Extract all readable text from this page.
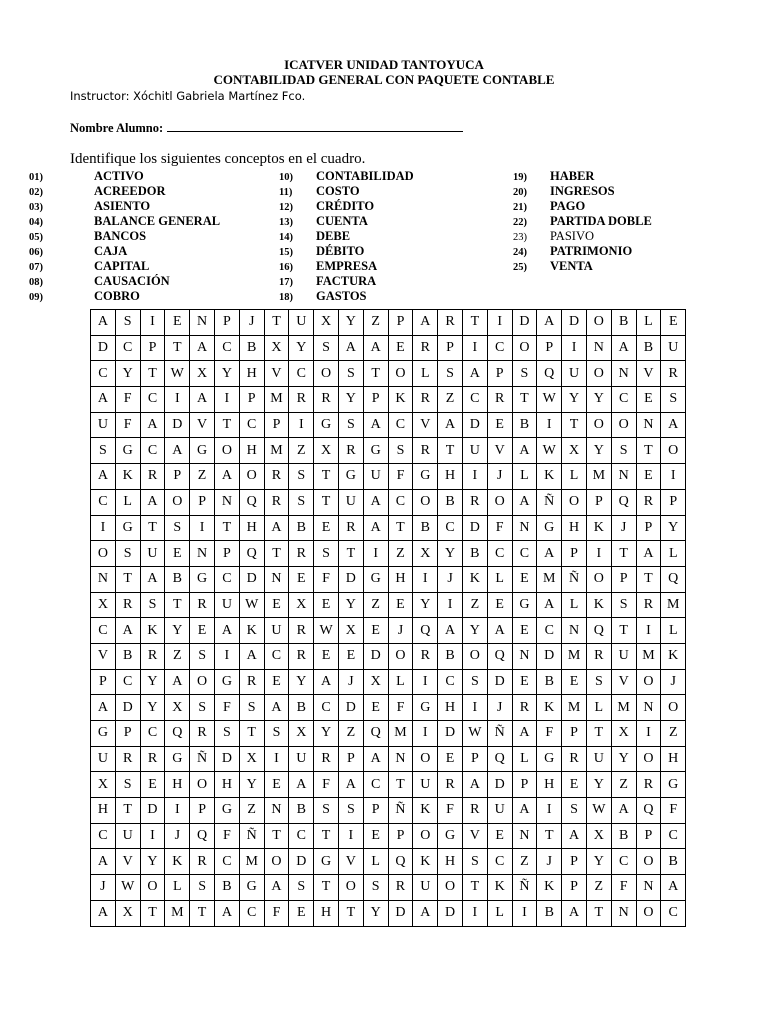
ICATVER UNIDAD TANTOYUCA
CONTABILIDAD GENERAL CON PAQUETE CONTABLE
Instructor: Xóchitl Gabriela Martínez Fco.
Nombre Alumno:
Identifique los siguientes conceptos en el cuadro.
01)	ACTIVO
02)	ACREEDOR
03)	ASIENTO
04)	BALANCE GENERAL
05)	BANCOS
06)	CAJA
07)	CAPITAL
08)	CAUSACIÓN
09)	COBRO
10) CONTABILIDAD
11) COSTO
12) CRÉDITO
13) CUENTA
14) DEBE
15) DÉBITO
16) EMPRESA
17) FACTURA
18) GASTOS
19) HABER
20) INGRESOS
21) PAGO
22) PARTIDA DOBLE
23) PASIVO
24) PATRIMONIO
25) VENTA
A	S	I	E	N	P	J	T	U	X	Y	Z	P	A	R	T	I	D	A	D	O	B	L	E
D	C	P	T	A	C	B	X	Y	S	A	A	E	R	P	I	C	O	P	I	N	A	B	U
C	Y	T	W	X	Y	H	V	C	O	S	T	O	L	S	A	P	S	Q	U	O	N	V	R
A	F	C	I	A	I	P	M	R	R	Y	P	K	R	Z	C	R	T	W	Y	Y	C	E	S
U	F	A	D	V	T	C	P	I	G	S	A	C	V	A	D	E	B	I	T	O	O	N	A
S	G	C	A	G	O	H	M	Z	X	R	G	S	R	T	U	V	A	W	X	Y	S	T	O
A	K	R	P	Z	A	O	R	S	T	G	U	F	G	H	I	J	L	K	L	M	N	E	I
C	L	A	O	P	N	Q	R	S	T	U	A	C	O	B	R	O	A	Ñ	O	P	Q	R	P
I	G	T	S	I	T	H	A	B	E	R	A	T	B	C	D	F	N	G	H	K	J	P	Y
O	S	U	E	N	P	Q	T	R	S	T	I	Z	X	Y	B	C	C	A	P	I	T	A	L
N	T	A	B	G	C	D	N	E	F	D	G	H	I	J	K	L	E	M	Ñ	O	P	T	Q
X	R	S	T	R	U	W	E	X	E	Y	Z	E	Y	I	Z	E	G	A	L	K	S	R	M
C	A	K	Y	E	A	K	U	R	W	X	E	J	Q	A	Y	A	E	C	N	Q	T	I	L
V	B	R	Z	S	I	A	C	R	E	E	D	O	R	B	O	Q	N	D	M	R	U	M	K
P	C	Y	A	O	G	R	E	Y	A	J	X	L	I	C	S	D	E	B	E	S	V	O	J
A	D	Y	X	S	F	S	A	B	C	D	E	F	G	H	I	J	R	K	M	L	M	N	O
G	P	C	Q	R	S	T	S	X	Y	Z	Q	M	I	D	W	Ñ	A	F	P	T	X	I	Z
U	R	R	G	Ñ	D	X	I	U	R	P	A	N	O	E	P	Q	L	G	R	U	Y	O	H
X	S	E	H	O	H	Y	E	A	F	A	C	T	U	R	A	D	P	H	E	Y	Z	R	G
H	T	D	I	P	G	Z	N	B	S	S	P	Ñ	K	F	R	U	A	I	S	W	A	Q	F
C	U	I	J	Q	F	Ñ	T	C	T	I	E	P	O	G	V	E	N	T	A	X	B	P	C
A	V	Y	K	R	C	M	O	D	G	V	L	Q	K	H	S	C	Z	J	P	Y	C	O	B
J	W	O	L	S	B	G	A	S	T	O	S	R	U	O	T	K	Ñ	K	P	Z	F	N	A
A	X	T	M	T	A	C	F	E	H	T	Y	D	A	D	I	L	I	B	A	T	N	O	C
